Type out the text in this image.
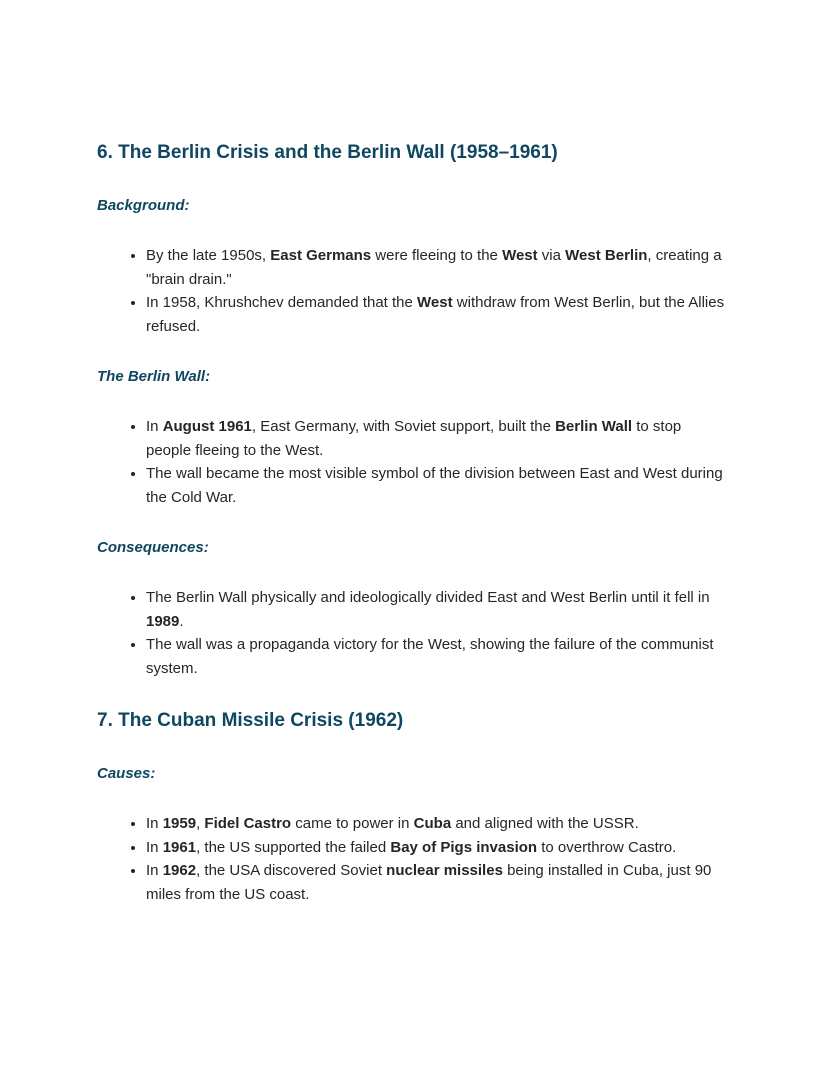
6. The Berlin Crisis and the Berlin Wall (1958–1961)
Background:
• By the late 1950s, East Germans were fleeing to the West via West Berlin, creating a "brain drain."
• In 1958, Khrushchev demanded that the West withdraw from West Berlin, but the Allies refused.
The Berlin Wall:
• In August 1961, East Germany, with Soviet support, built the Berlin Wall to stop people fleeing to the West.
• The wall became the most visible symbol of the division between East and West during the Cold War.
Consequences:
• The Berlin Wall physically and ideologically divided East and West Berlin until it fell in 1989.
• The wall was a propaganda victory for the West, showing the failure of the communist system.
7. The Cuban Missile Crisis (1962)
Causes:
• In 1959, Fidel Castro came to power in Cuba and aligned with the USSR.
• In 1961, the US supported the failed Bay of Pigs invasion to overthrow Castro.
• In 1962, the USA discovered Soviet nuclear missiles being installed in Cuba, just 90 miles from the US coast.
